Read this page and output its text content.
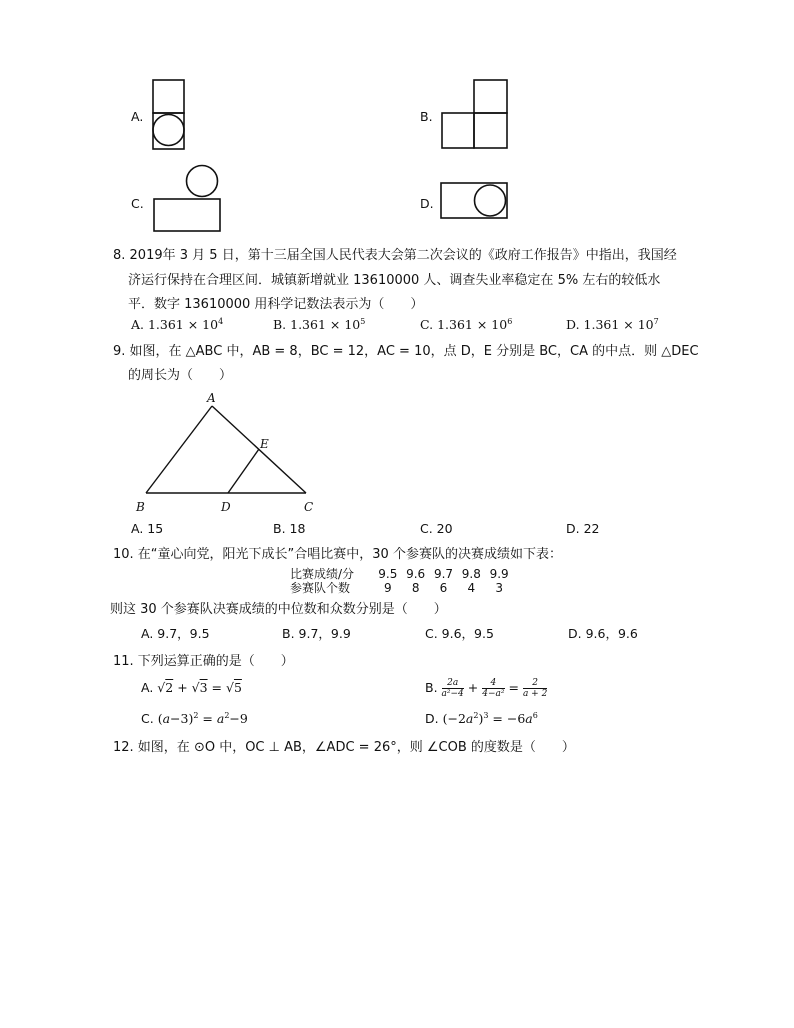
A.	B.
C.	D.
8. 2019年 3 月 5 日，第十三届全国人民代表大会第二次会议的《政府工作报告》中指出，我国经
济运行保持在合理区间．城镇新增就业 13610000 人、调查失业率稳定在 5% 左右的较低水
平．数字 13610000 用科学记数法表示为（　　）
A. $1.361 \times 10^4$	B. $1.361 \times 10^5$	C. $1.361 \times 10^6$	D. $1.361 \times 10^7$
9. 如图，在 △ABC 中，AB = 8，BC = 12，AC = 10，点 D，E 分别是 BC，CA 的中点．则 △DEC
的周长为（　　）
A
B	C
D
E
A. 15	B. 18	C. 20	D. 22
10. 在“童心向党，阳光下成长”合唱比赛中，30 个参赛队的决赛成绩如下表：
比赛成绩/分 9.5 9.6 9.7 9.8 9.9
参赛队个数	9 8 6 4 3
则这 30 个参赛队决赛成绩的中位数和众数分别是（　　）
A. 9.7，9.5	B. 9.7，9.9	C. 9.6，9.5	D. 9.6，9.6
11. 下列运算正确的是（　　）
A. √2 + √3 = √5	B. $\frac{2a}{\text{a²−4}} + \frac{4}{\text{4−a²}} = \frac{2}{a + 2}$
C. $(a-3)^2 = a^2-9$	D. $(-2a^2)^3 = -6a^6$
12. 如图，在 ⊙O 中，OC ⊥ AB，∠ADC = 26°，则 ∠COB 的度数是（　　）
